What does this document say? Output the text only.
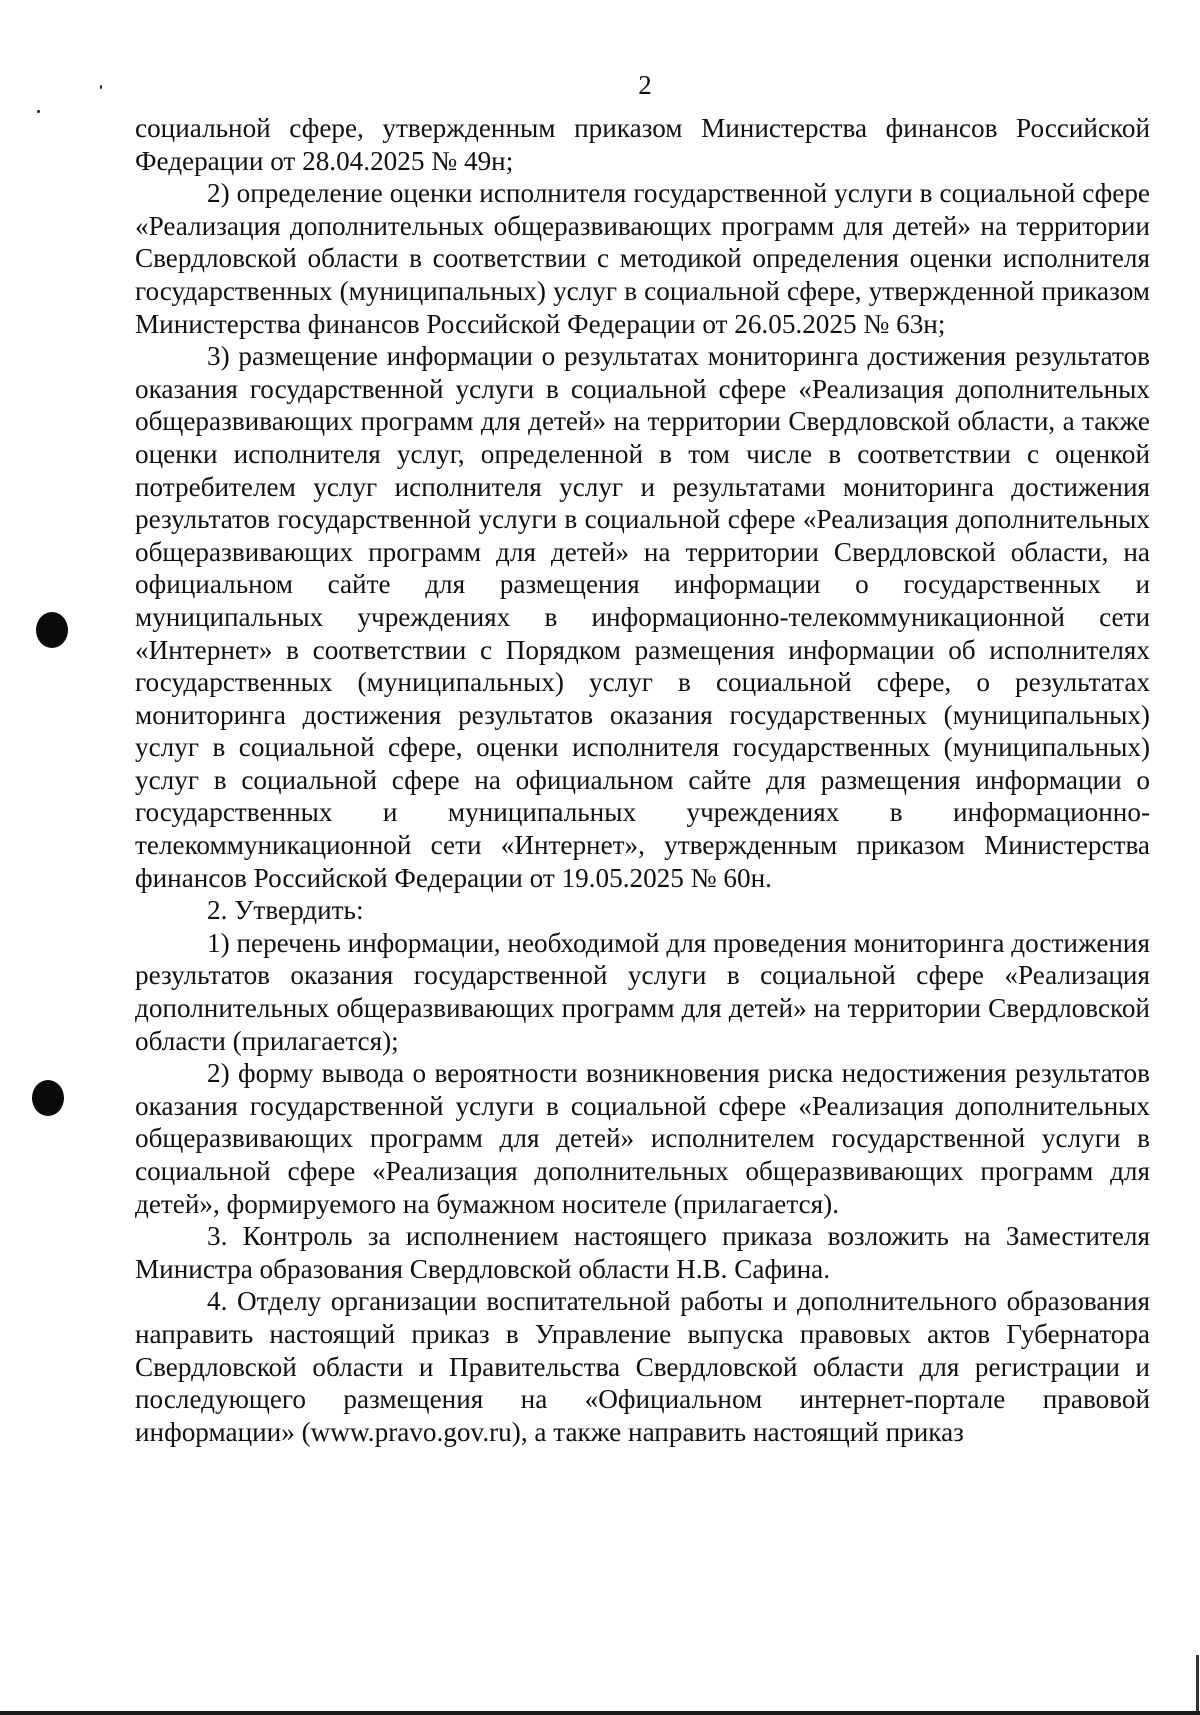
2

социальной сфере, утвержденным приказом Министерства финансов Российской Федерации от 28.04.2025 № 49н;

2) определение оценки исполнителя государственной услуги в социальной сфере «Реализация дополнительных общеразвивающих программ для детей» на территории Свердловской области в соответствии с методикой определения оценки исполнителя государственных (муниципальных) услуг в социальной сфере, утвержденной приказом Министерства финансов Российской Федерации от 26.05.2025 № 63н;

3) размещение информации о результатах мониторинга достижения результатов оказания государственной услуги в социальной сфере «Реализация дополнительных общеразвивающих программ для детей» на территории Свердловской области, а также оценки исполнителя услуг, определенной в том числе в соответствии с оценкой потребителем услуг исполнителя услуг и результатами мониторинга достижения результатов государственной услуги в социальной сфере «Реализация дополнительных общеразвивающих программ для детей» на территории Свердловской области, на официальном сайте для размещения информации о государственных и муниципальных учреждениях в информационно-телекоммуникационной сети «Интернет» в соответствии с Порядком размещения информации об исполнителях государственных (муниципальных) услуг в социальной сфере, о результатах мониторинга достижения результатов оказания государственных (муниципальных) услуг в социальной сфере, оценки исполнителя государственных (муниципальных) услуг в социальной сфере на официальном сайте для размещения информации о государственных и муниципальных учреждениях в информационно-телекоммуникационной сети «Интернет», утвержденным приказом Министерства финансов Российской Федерации от 19.05.2025 № 60н.

2. Утвердить:

1) перечень информации, необходимой для проведения мониторинга достижения результатов оказания государственной услуги в социальной сфере «Реализация дополнительных общеразвивающих программ для детей» на территории Свердловской области (прилагается);

2) форму вывода о вероятности возникновения риска недостижения результатов оказания государственной услуги в социальной сфере «Реализация дополнительных общеразвивающих программ для детей» исполнителем государственной услуги в социальной сфере «Реализация дополнительных общеразвивающих программ для детей», формируемого на бумажном носителе (прилагается).

3. Контроль за исполнением настоящего приказа возложить на Заместителя Министра образования Свердловской области Н.В. Сафина.

4. Отделу организации воспитательной работы и дополнительного образования направить настоящий приказ в Управление выпуска правовых актов Губернатора Свердловской области и Правительства Свердловской области для регистрации и последующего размещения на «Официальном интернет-портале правовой информации» (www.pravo.gov.ru), а также направить настоящий приказ
